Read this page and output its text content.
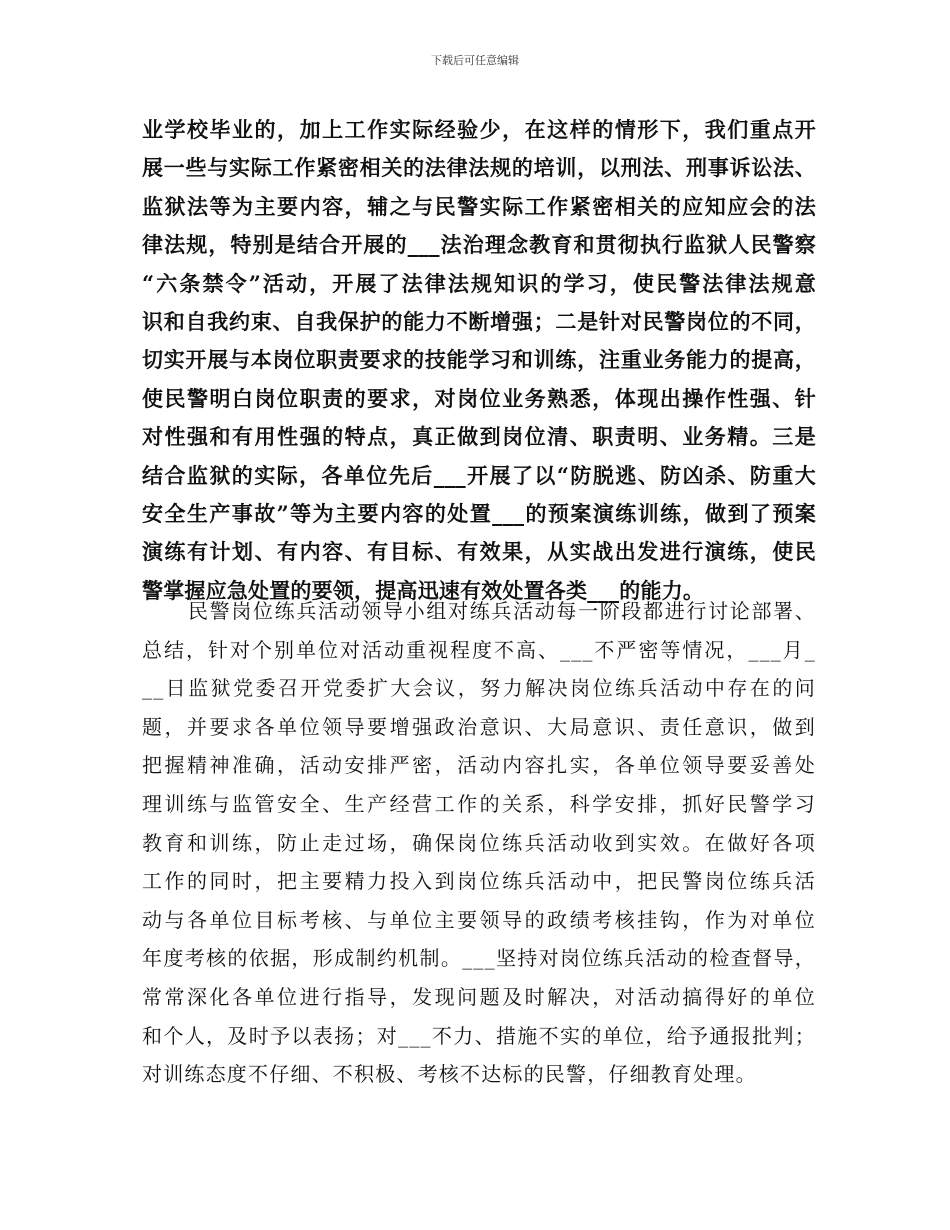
下载后可任意编辑
业学校毕业的，加上工作实际经验少，在这样的情形下，我们重点开
展一些与实际工作紧密相关的法律法规的培训，以刑法、刑事诉讼法、
监狱法等为主要内容，辅之与民警实际工作紧密相关的应知应会的法
律法规，特别是结合开展的___法治理念教育和贯彻执行监狱人民警察
“六条禁令”活动，开展了法律法规知识的学习，使民警法律法规意
识和自我约束、自我保护的能力不断增强；二是针对民警岗位的不同，
切实开展与本岗位职责要求的技能学习和训练，注重业务能力的提高，
使民警明白岗位职责的要求，对岗位业务熟悉，体现出操作性强、针
对性强和有用性强的特点，真正做到岗位清、职责明、业务精。三是
结合监狱的实际，各单位先后___开展了以“防脱逃、防凶杀、防重大
安全生产事故”等为主要内容的处置___的预案演练训练，做到了预案
演练有计划、有内容、有目标、有效果，从实战出发进行演练，使民
警掌握应急处置的要领，提高迅速有效处置各类___的能力。
民警岗位练兵活动领导小组对练兵活动每一阶段都进行讨论部署、
总结，针对个别单位对活动重视程度不高、___不严密等情况，___月_
__日监狱党委召开党委扩大会议，努力解决岗位练兵活动中存在的问
题，并要求各单位领导要增强政治意识、大局意识、责任意识，做到
把握精神准确，活动安排严密，活动内容扎实，各单位领导要妥善处
理训练与监管安全、生产经营工作的关系，科学安排，抓好民警学习
教育和训练，防止走过场，确保岗位练兵活动收到实效。在做好各项
工作的同时，把主要精力投入到岗位练兵活动中，把民警岗位练兵活
动与各单位目标考核、与单位主要领导的政绩考核挂钩，作为对单位
年度考核的依据，形成制约机制。___坚持对岗位练兵活动的检查督导，
常常深化各单位进行指导，发现问题及时解决，对活动搞得好的单位
和个人，及时予以表扬；对___不力、措施不实的单位，给予通报批判；
对训练态度不仔细、不积极、考核不达标的民警，仔细教育处理。
